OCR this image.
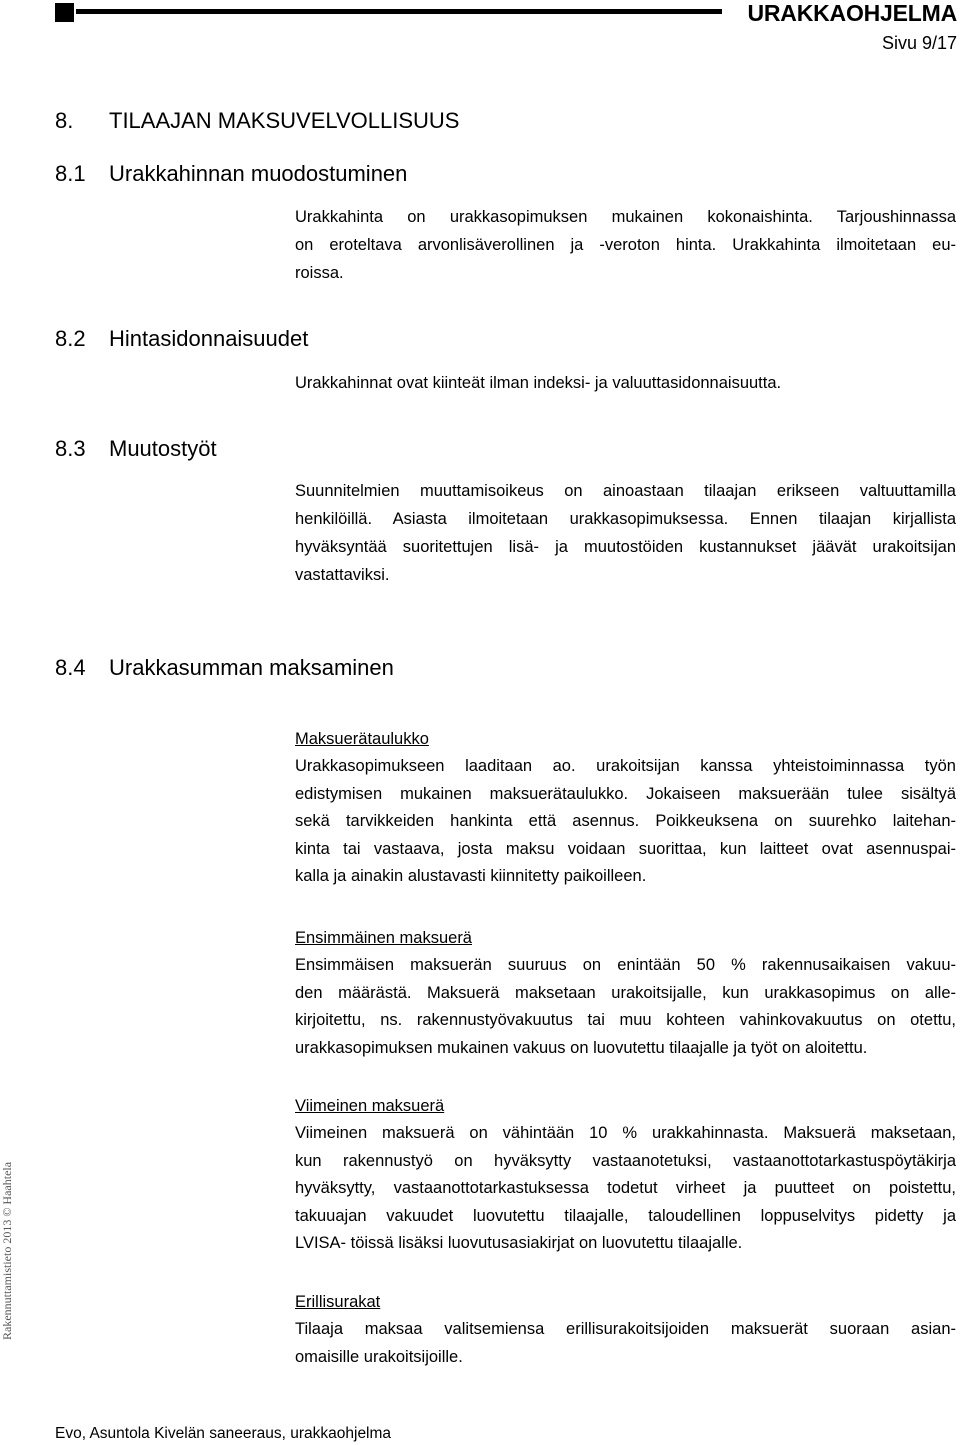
URAKKAOHJELMA
Sivu 9/17
8. TILAAJAN MAKSUVELVOLLISUUS
8.1 Urakkahinnan muodostuminen
Urakkahinta on urakkasopimuksen mukainen kokonaishinta. Tarjoushinnassa
on eroteltava arvonlisäverollinen ja -veroton hinta. Urakkahinta ilmoitetaan eu-
roissa.
8.2 Hintasidonnaisuudet
Urakkahinnat ovat kiinteät ilman indeksi- ja valuuttasidonnaisuutta.
8.3 Muutostyöt
Suunnitelmien muuttamisoikeus on ainoastaan tilaajan erikseen valtuuttamilla
henkilöillä. Asiasta ilmoitetaan urakkasopimuksessa. Ennen tilaajan kirjallista
hyväksyntää suoritettujen lisä- ja muutostöiden kustannukset jäävät urakoitsijan
vastattaviksi.
8.4 Urakkasumman maksaminen
Maksuerätaulukko
Urakkasopimukseen laaditaan ao. urakoitsijan kanssa yhteistoiminnassa työn
edistymisen mukainen maksuerätaulukko. Jokaiseen maksuerään tulee sisältyä
sekä tarvikkeiden hankinta että asennus. Poikkeuksena on suurehko laitehan-
kinta tai vastaava, josta maksu voidaan suorittaa, kun laitteet ovat asennuspai-
kalla ja ainakin alustavasti kiinnitetty paikoilleen.
Ensimmäinen maksuerä
Ensimmäisen maksuerän suuruus on enintään 50 % rakennusaikaisen vakuu-
den määrästä. Maksuerä maksetaan urakoitsijalle, kun urakkasopimus on alle-
kirjoitettu, ns. rakennustyövakuutus tai muu kohteen vahinkovakuutus on otettu,
urakkasopimuksen mukainen vakuus on luovutettu tilaajalle ja työt on aloitettu.
Viimeinen maksuerä
Viimeinen maksuerä on vähintään 10 % urakkahinnasta. Maksuerä maksetaan,
kun rakennustyö on hyväksytty vastaanotetuksi, vastaanottotarkastuspöytäkirja
hyväksytty, vastaanottotarkastuksessa todetut virheet ja puutteet on poistettu,
takuuajan vakuudet luovutettu tilaajalle, taloudellinen loppuselvitys pidetty ja
LVISA- töissä lisäksi luovutusasiakirjat on luovutettu tilaajalle.
Erillisurakat
Tilaaja maksaa valitsemiensa erillisurakoitsijoiden maksuerät suoraan asian-
omaisille urakoitsijoille.
Rakennuttamistieto 2013 © Haahtela
Evo, Asuntola Kivelän saneeraus, urakkaohjelma
